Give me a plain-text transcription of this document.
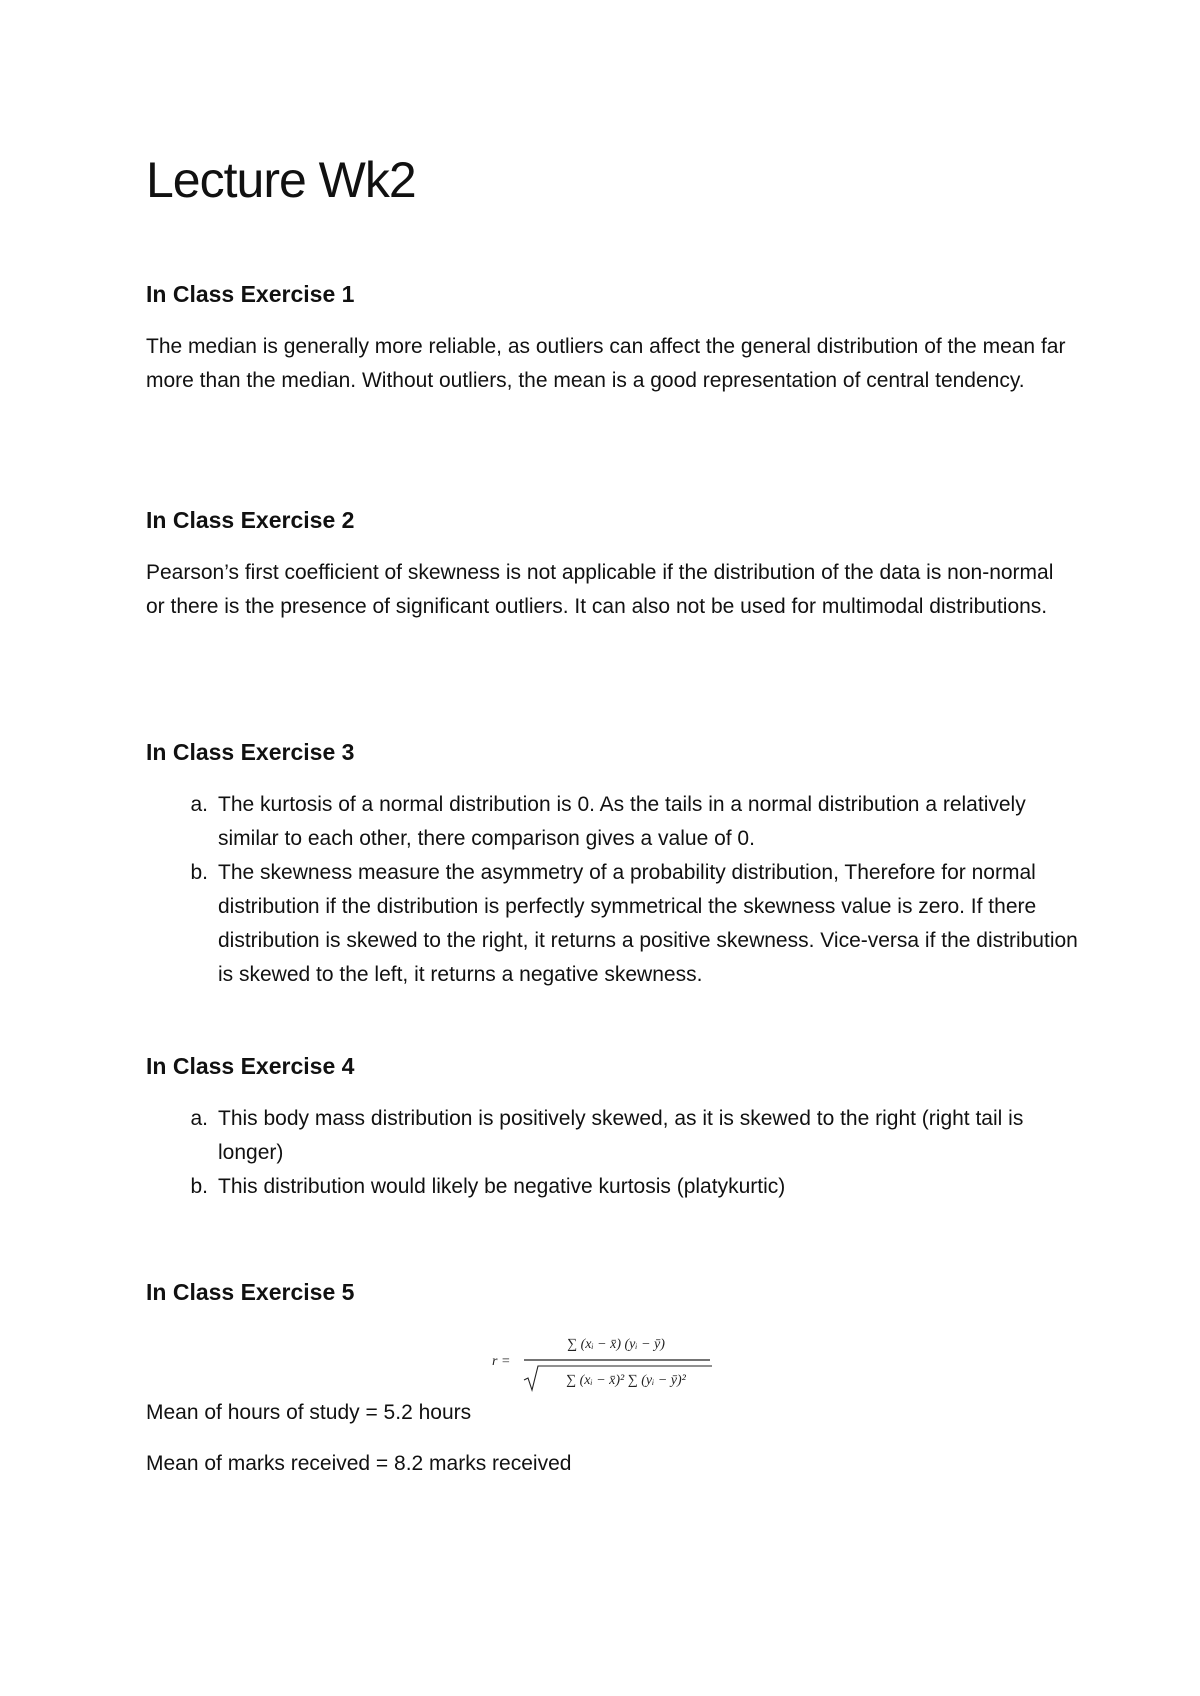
Lecture Wk2
In Class Exercise 1

The median is generally more reliable, as outliers can affect the general distribution of the mean far more than the median. Without outliers, the mean is a good representation of central tendency.

In Class Exercise 2

Pearson’s first coefficient of skewness is not applicable if the distribution of the data is non-normal or there is the presence of significant outliers. It can also not be used for multimodal distributions.

In Class Exercise 3
a. The kurtosis of a normal distribution is 0. As the tails in a normal distribution a relatively similar to each other, there comparison gives a value of 0.
b. The skewness measure the asymmetry of a probability distribution, Therefore for normal distribution if the distribution is perfectly symmetrical the skewness value is zero. If there distribution is skewed to the right, it returns a positive skewness. Vice-versa if the distribution is skewed to the left, it returns a negative skewness.
In Class Exercise 4
a. This body mass distribution is positively skewed, as it is skewed to the right (right tail is longer)
b. This distribution would likely be negative kurtosis (platykurtic)
In Class Exercise 5
r =
∑ (xᵢ − x̄) (yᵢ − ȳ)
∑ (xᵢ − x̄)² ∑ (yᵢ − ȳ)²

Mean of hours of study = 5.2 hours

Mean of marks received = 8.2 marks received
